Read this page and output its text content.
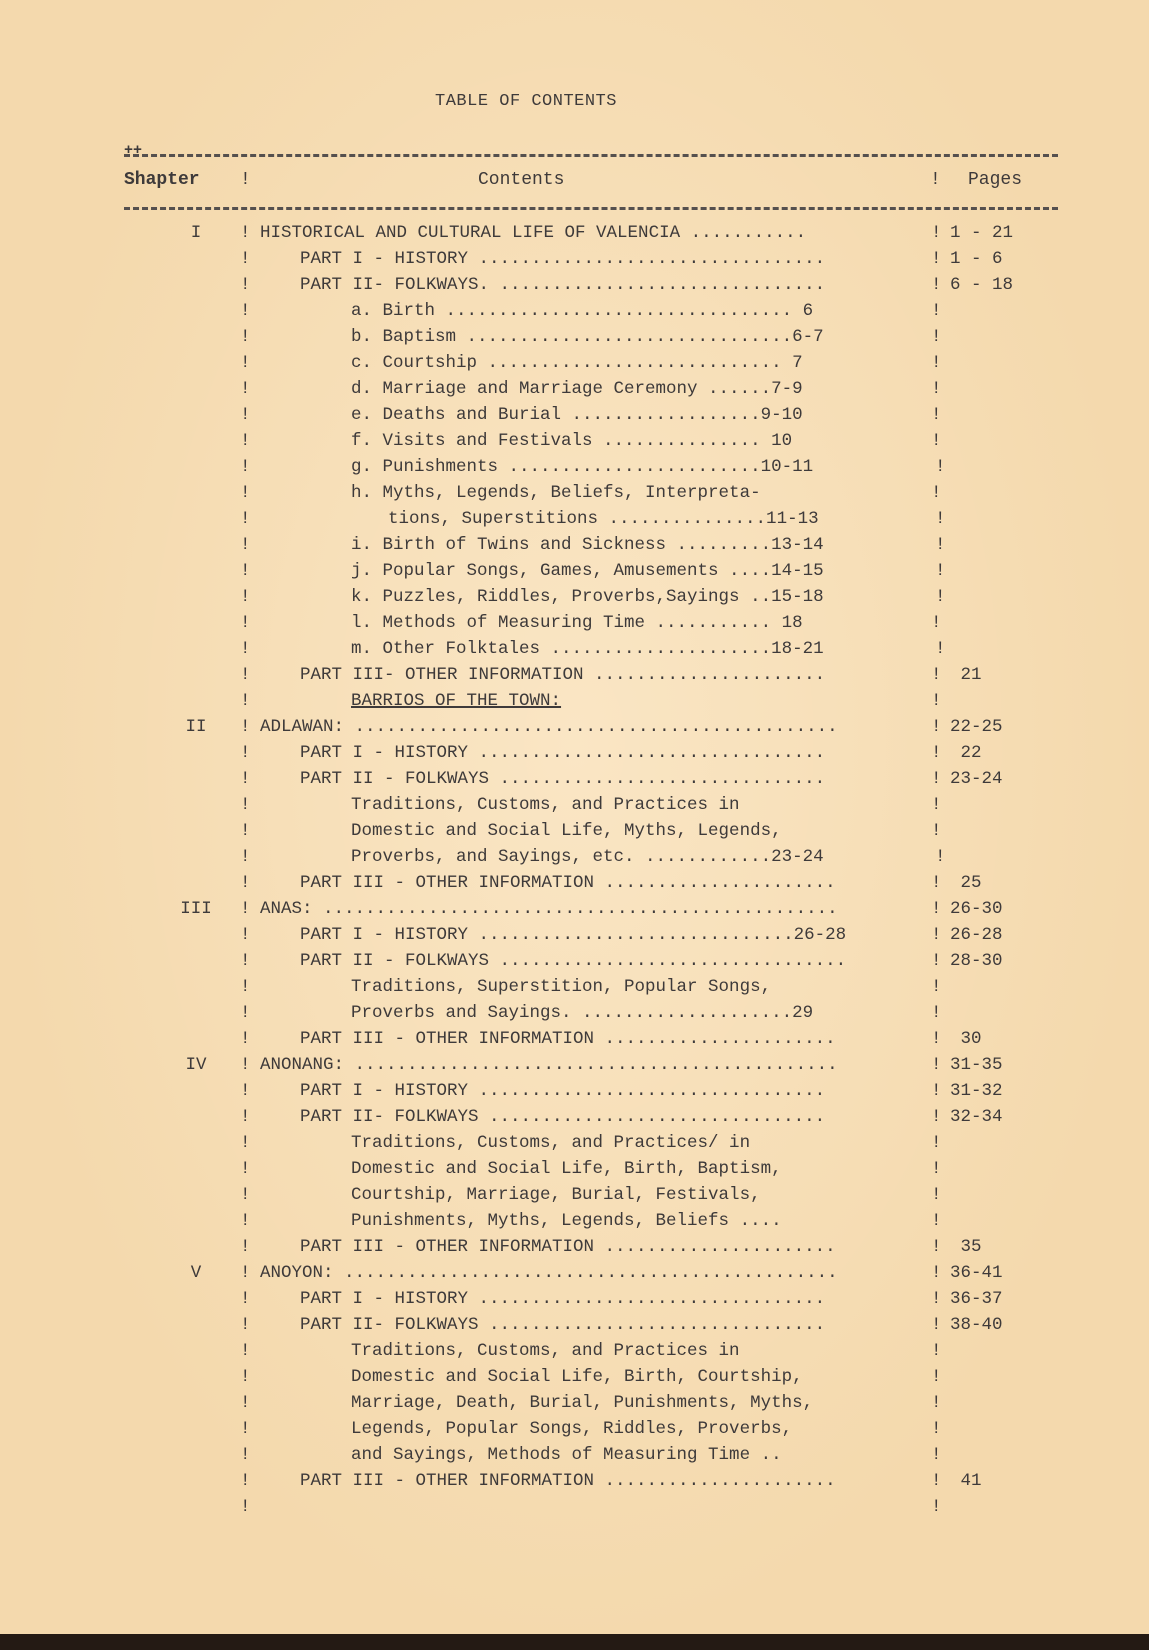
TABLE OF CONTENTS
++
Shapter !	Contents	! Pages
I	! HISTORICAL AND CULTURAL LIFE OF VALENCIA ...........	! 1 - 21
!	PART I - HISTORY .................................	! 1 - 6
!	PART II- FOLKWAYS. ...............................	! 6 - 18
!	a. Birth ................................. 6	!
!	b. Baptism ...............................6-7	!
!	c. Courtship ............................ 7	!
!	d. Marriage and Marriage Ceremony ......7-9	!
!	e. Deaths and Burial ..................9-10	!
!	f. Visits and Festivals ............... 10	!
!	g. Punishments ........................10-11	!
!	h. Myths, Legends, Beliefs, Interpreta-	!
!	tions, Superstitions ...............11-13	!
!	i. Birth of Twins and Sickness .........13-14	!
!	j. Popular Songs, Games, Amusements ....14-15	!
!	k. Puzzles, Riddles, Proverbs,Sayings ..15-18	!
!	l. Methods of Measuring Time ........... 18	!
!	m. Other Folktales .....................18-21	!
!	PART III- OTHER INFORMATION ......................	! 21
!	BARRIOS OF THE TOWN:	!
II	! ADLAWAN: ..............................................	! 22-25
!	PART I - HISTORY .................................	! 22
!	PART II - FOLKWAYS ...............................	! 23-24
!	Traditions, Customs, and Practices in	!
!	Domestic and Social Life, Myths, Legends,	!
!	Proverbs, and Sayings, etc. ............23-24	!
!	PART III - OTHER INFORMATION ......................	! 25
III ! ANAS: .................................................	! 26-30
!	PART I - HISTORY ..............................26-28	! 26-28
!	PART II - FOLKWAYS .................................	! 28-30
!	Traditions, Superstition, Popular Songs,	!
!	Proverbs and Sayings. ....................29	!
!	PART III - OTHER INFORMATION ......................	! 30
IV	! ANONANG: ..............................................	! 31-35
!	PART I - HISTORY .................................	! 31-32
!	PART II- FOLKWAYS ................................	! 32-34
!	Traditions, Customs, and Practices/ in	!
!	Domestic and Social Life, Birth, Baptism,	!
!	Courtship, Marriage, Burial, Festivals,	!
!	Punishments, Myths, Legends, Beliefs ....	!
!	PART III - OTHER INFORMATION ......................	! 35
V	! ANOYON: ...............................................	! 36-41
!	PART I - HISTORY .................................	! 36-37
!	PART II- FOLKWAYS ................................	! 38-40
!	Traditions, Customs, and Practices in	!
!	Domestic and Social Life, Birth, Courtship,	!
!	Marriage, Death, Burial, Punishments, Myths,	!
!	Legends, Popular Songs, Riddles, Proverbs,	!
!	and Sayings, Methods of Measuring Time ..	!
!	PART III - OTHER INFORMATION ......................	! 41
!	!
